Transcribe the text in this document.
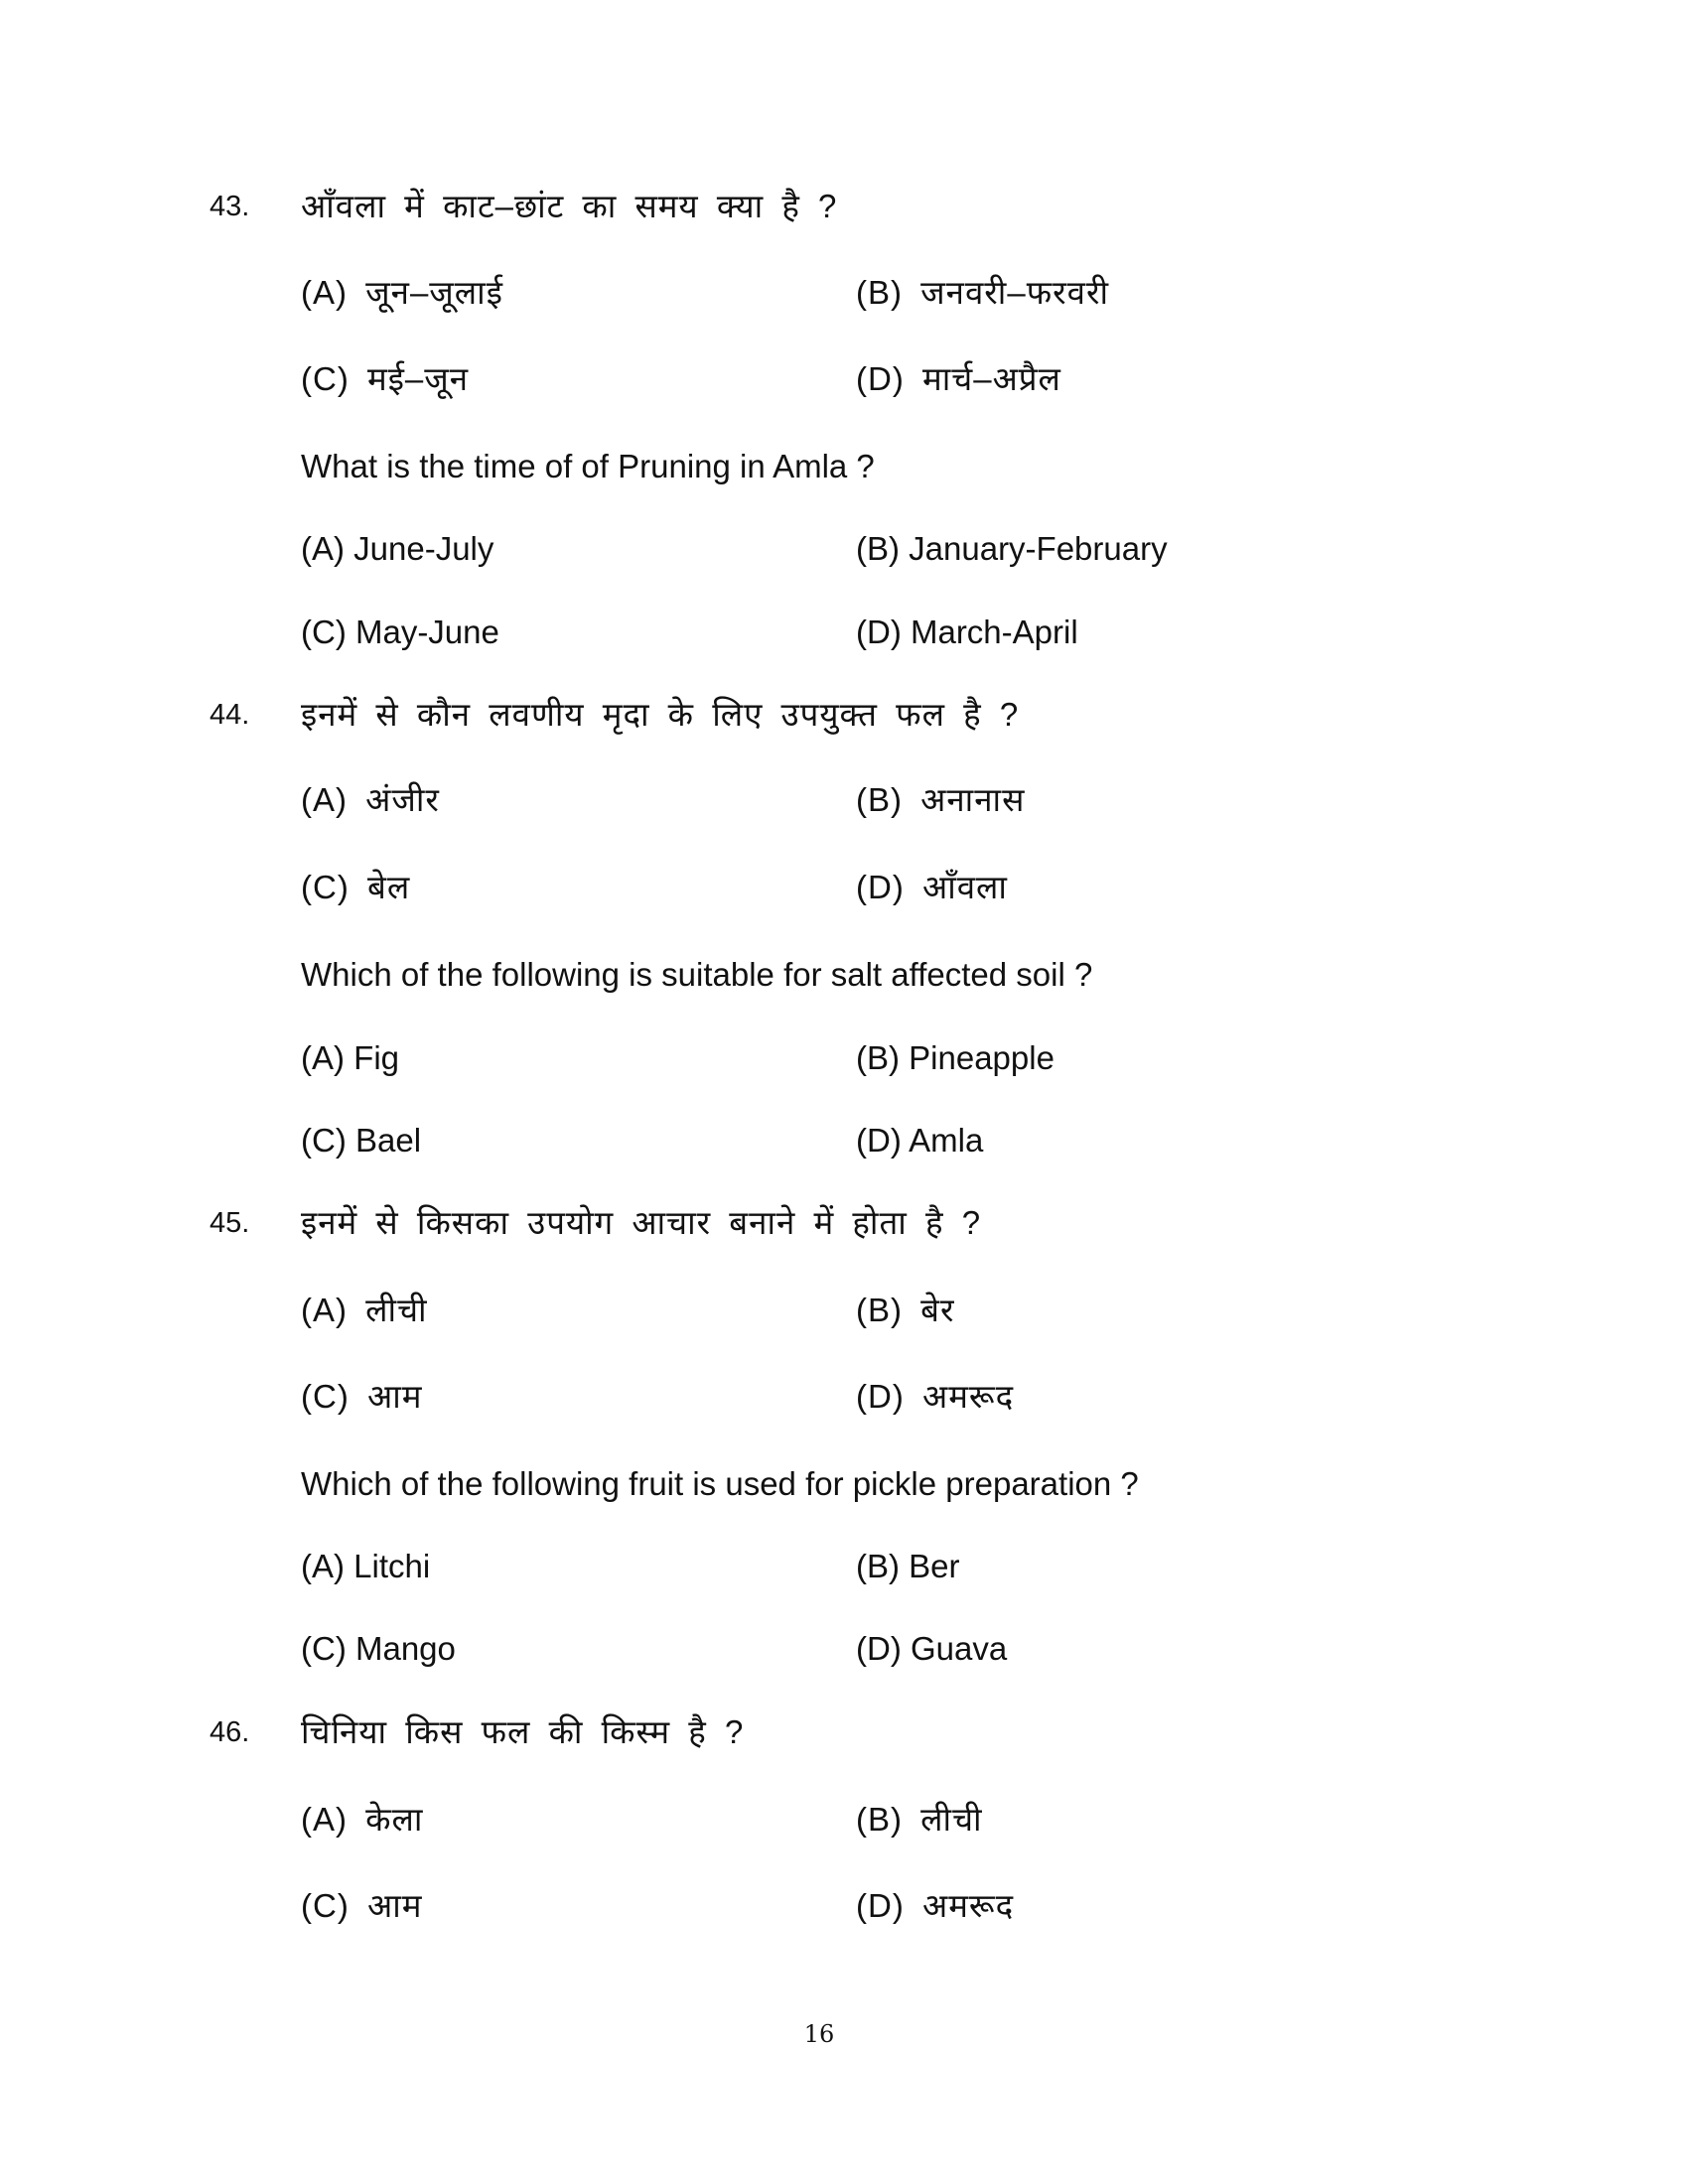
43. आँवला में काट–छांट का समय क्या है ?
(A) जून–जूलाई	(B) जनवरी–फरवरी
(C) मई–जून	(D) मार्च–अप्रैल
What is the time of of Pruning in Amla ?
(A) June-July	(B) January-February
(C) May-June	(D) March-April
44. इनमें से कौन लवणीय मृदा के लिए उपयुक्त फल है ?
(A) अंजीर	(B) अनानास
(C) बेल	(D) आँवला
Which of the following is suitable for salt affected soil ?
(A) Fig	(B) Pineapple
(C) Bael	(D) Amla
45. इनमें से किसका उपयोग आचार बनाने में होता है ?
(A) लीची	(B) बेर
(C) आम	(D) अमरूद
Which of the following fruit is used for pickle preparation ?
(A) Litchi	(B) Ber
(C) Mango	(D) Guava
46. चिनिया किस फल की किस्म है ?
(A) केला	(B) लीची
(C) आम	(D) अमरूद
16
